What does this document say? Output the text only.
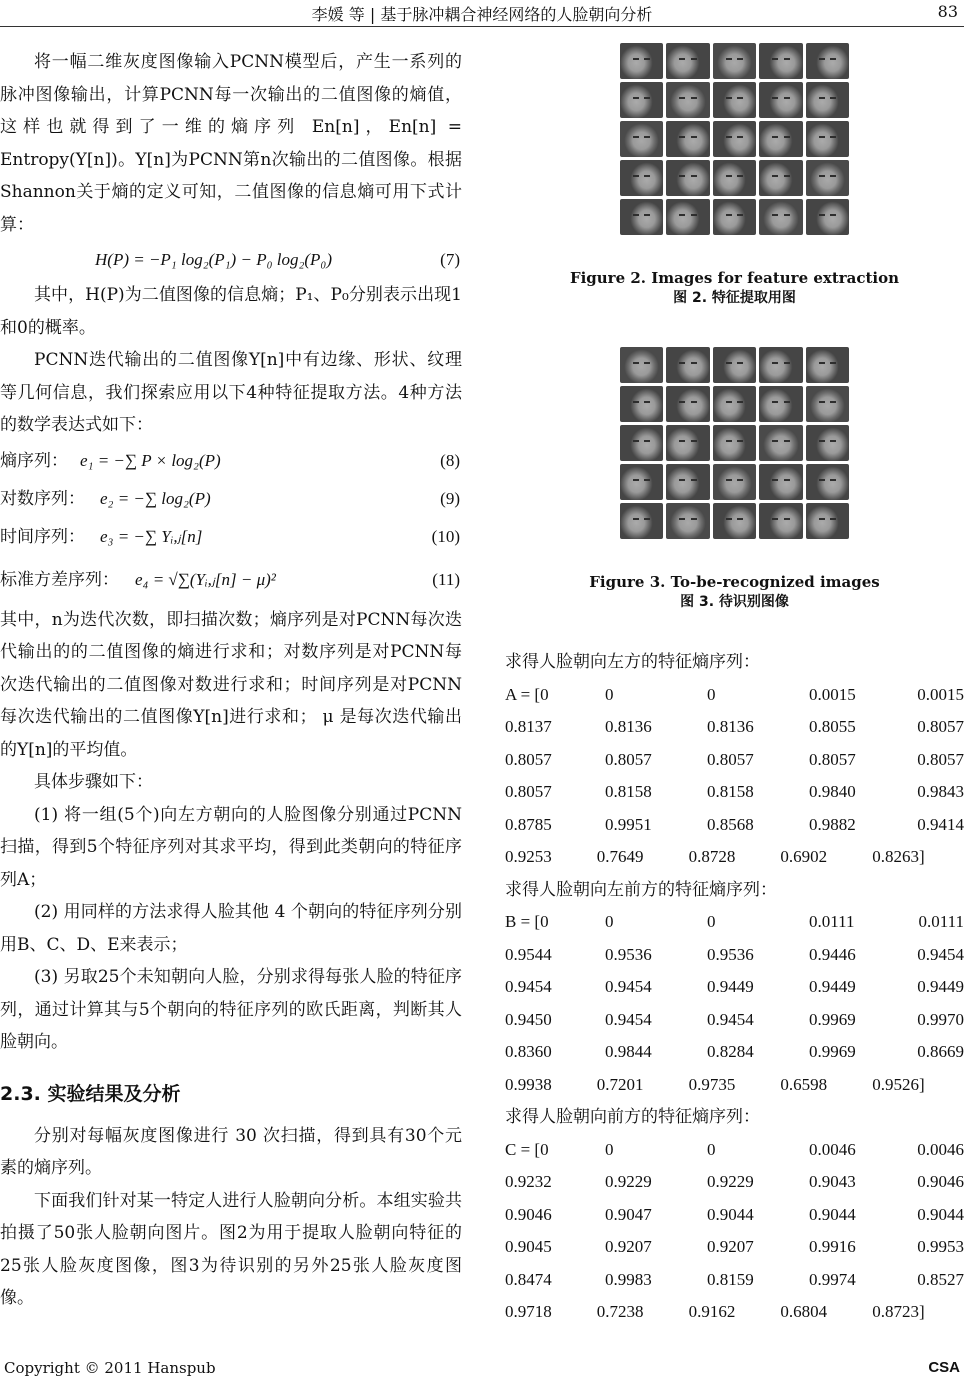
李媛 等 | 基于脉冲耦合神经网络的人脸朝向分析	83

将一幅二维灰度图像输入PCNN模型后，产生一系列的脉冲图像输出，计算PCNN每一次输出的二值图像的熵值，这样也就得到了一维的熵序列 En[n]，En[n] = Entropy(Y[n])。Y[n]为PCNN第n次输出的二值图像。根据Shannon关于熵的定义可知，二值图像的信息熵可用下式计算：

H(P) = −P₁ log₂(P₁) − P₀ log₂(P₀)	(7)

其中，H(P)为二值图像的信息熵；P₁、P₀分别表示出现1和0的概率。

PCNN迭代输出的二值图像Y[n]中有边缘、形状、纹理等几何信息，我们探索应用以下4种特征提取方法。4种方法的数学表达式如下：

熵序列： e₁ = −∑ P × log₂(P)	(8)
对数序列： e₂ = −∑ log₂(P)	(9)
时间序列： e₃ = −∑ Yᵢ,ⱼ[n]	(10)
标准方差序列： e₄ = √∑(Yᵢ,ⱼ[n] − μ)²	(11)

其中，n为迭代次数，即扫描次数；熵序列是对PCNN每次迭代输出的的二值图像的熵进行求和；对数序列是对PCNN每次迭代输出的二值图像对数进行求和；时间序列是对PCNN每次迭代输出的二值图像Y[n]进行求和； μ 是每次迭代输出的Y[n]的平均值。

具体步骤如下：

(1) 将一组(5个)向左方朝向的人脸图像分别通过PCNN扫描，得到5个特征序列对其求平均，得到此类朝向的特征序列A；

(2) 用同样的方法求得人脸其他 4 个朝向的特征序列分别用B、C、D、E来表示；

(3) 另取25个未知朝向人脸，分别求得每张人脸的特征序列，通过计算其与5个朝向的特征序列的欧氏距离，判断其人脸朝向。

2.3. 实验结果及分析

分别对每幅灰度图像进行 30 次扫描，得到具有30个元素的熵序列。

下面我们针对某一特定人进行人脸朝向分析。本组实验共拍摄了50张人脸朝向图片。图2为用于提取人脸朝向特征的25张人脸灰度图像，图3为待识别的另外25张人脸灰度图像。

Figure 2. Images for feature extraction
图 2. 特征提取用图
Figure 3. To-be-recognized images
图 3. 待识别图像

求得人脸朝向左方的特征熵序列：

A = [0	0	0	0.0015	0.0015
0.8137	0.8136	0.8136	0.8055	0.8057
0.8057	0.8057	0.8057	0.8057	0.8057
0.8057	0.8158	0.8158	0.9840	0.9843
0.8785	0.9951	0.8568	0.9882	0.9414
0.9253	0.7649	0.8728	0.6902	0.8263]

求得人脸朝向左前方的特征熵序列：

B = [0	0	0	0.0111	0.0111
0.9544	0.9536	0.9536	0.9446	0.9454
0.9454	0.9454	0.9449	0.9449	0.9449
0.9450	0.9454	0.9454	0.9969	0.9970
0.8360	0.9844	0.8284	0.9969	0.8669
0.9938	0.7201	0.9735	0.6598	0.9526]

求得人脸朝向前方的特征熵序列：

C = [0	0	0	0.0046	0.0046
0.9232	0.9229	0.9229	0.9043	0.9046
0.9046	0.9047	0.9044	0.9044	0.9044
0.9045	0.9207	0.9207	0.9916	0.9953
0.8474	0.9983	0.8159	0.9974	0.8527
0.9718	0.7238	0.9162	0.6804	0.8723]
Copyright © 2011 Hanspub	CSA
